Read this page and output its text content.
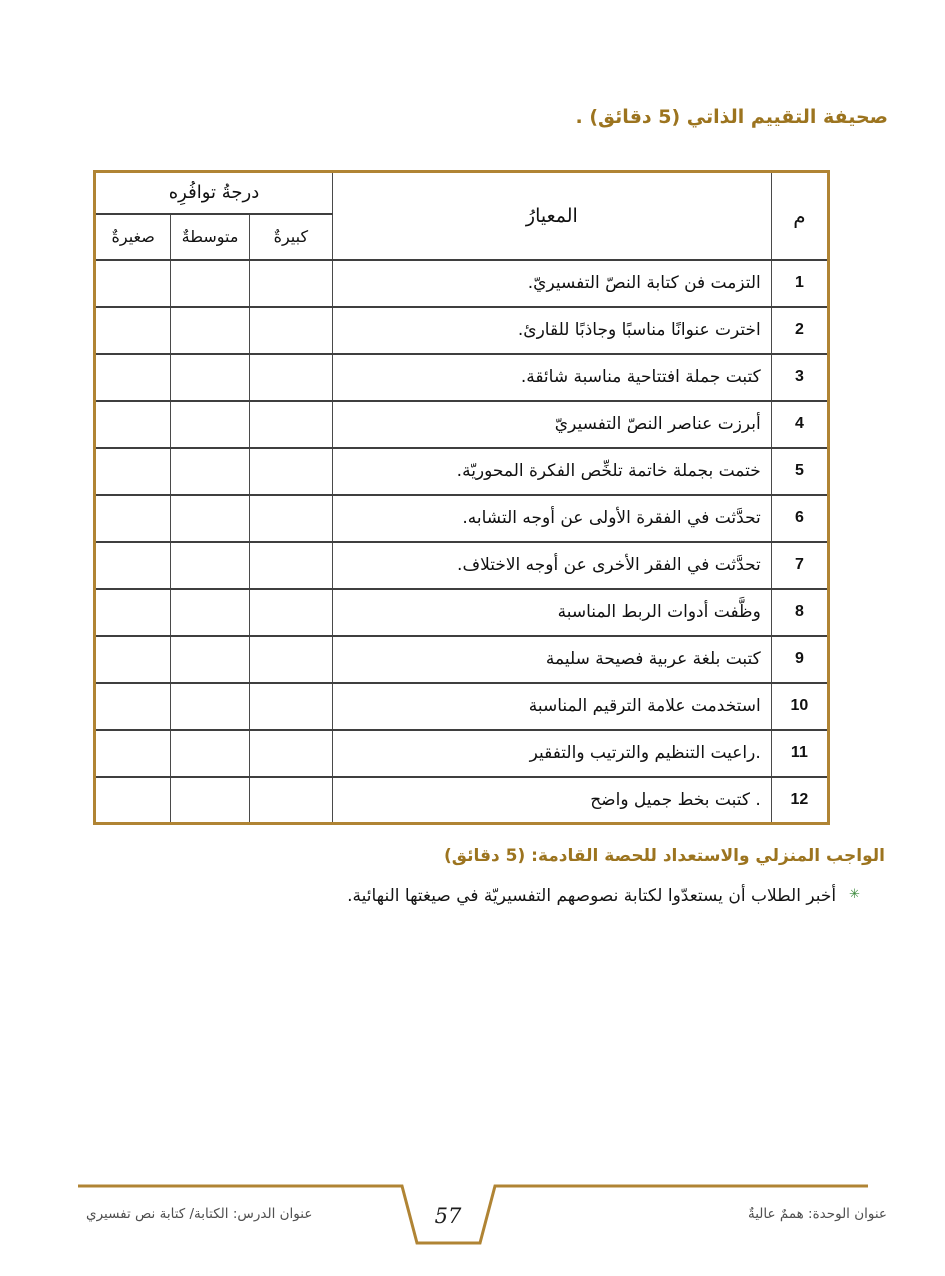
صحيفة التقييم الذاتي (5 دقائق) .
م	المعيارُ	درجةُ توافُرِه		
		كبيرةٌ	متوسطةٌ	صغيرةٌ
1	التزمت فن كتابة النصّ التفسيريّ.			
2	اخترت عنوانًا مناسبًا وجاذبًا للقارئ.			
3	كتبت جملة افتتاحية مناسبة شائقة.			
4	أبرزت عناصر النصّ التفسيريّ			
5	ختمت بجملة خاتمة تلخِّص الفكرة المحوريّة.			
6	تحدَّثت في الفقرة الأولى عن أوجه التشابه.			
7	تحدَّثت في الفقر الأخرى عن أوجه الاختلاف.			
8	وظَّفت أدوات الربط المناسبة			
9	كتبت بلغة عربية فصيحة سليمة			
10	استخدمت علامة الترقيم المناسبة			
11	.راعيت التنظيم والترتيب والتفقير			
12	. كتبت بخط جميل واضح			
الواجب المنزلي والاستعداد للحصة القادمة: (5 دقائق)
✳
أخبر الطلاب أن يستعدّوا لكتابة نصوصهم التفسيريّة في صيغتها النهائية.
57	عنوان الوحدة: هممٌ عاليةٌ
عنوان الدرس: الكتابة/ كتابة نص تفسيري
